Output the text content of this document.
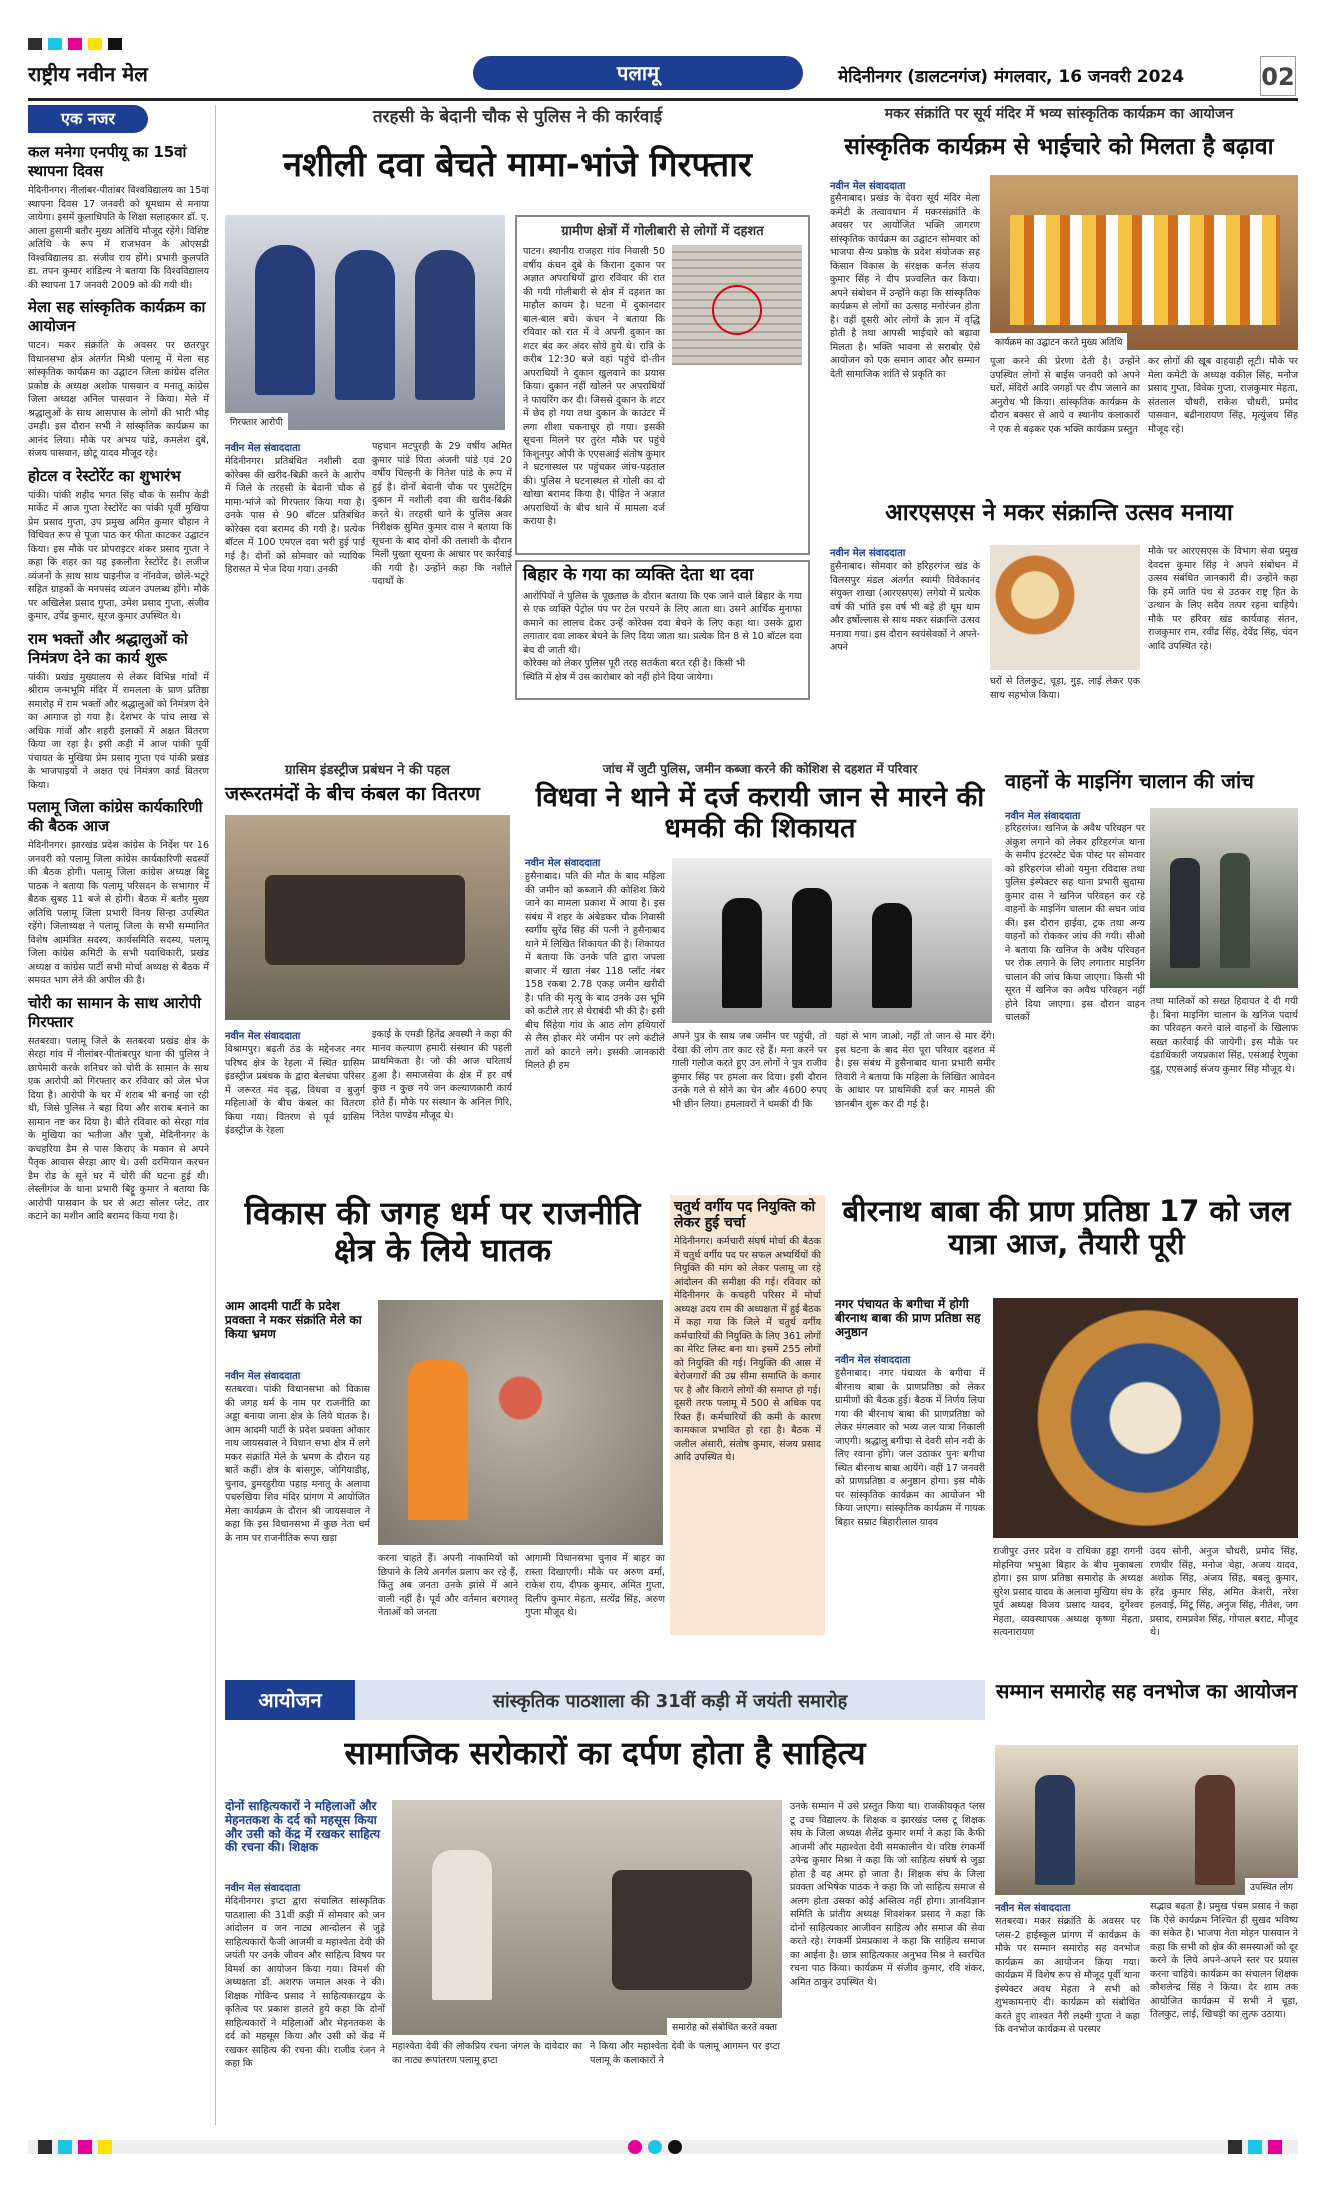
राष्ट्रीय नवीन मेल	पलामू	मेदिनीनगर (डालटनगंज) मंगलवार, 16 जनवरी 2024	02
एक नजर
कल मनेगा एनपीयू का 15वां स्थापना दिवस
मेदिनीनगर। नीलांबर-पीतांबर विश्वविद्यालय का 15वां स्थापना दिवस 17 जनवरी को धूमधाम से मनाया जायेगा। इसमें कुलाधिपति के शिक्षा सलाहकार डॉ. ए. आला हुसामी बतौर मुख्य अतिथि मौजूद रहेंगे। विशिष्ट अतिथि के रूप में राजभवन के ओएसडी विश्वविद्यालय डा. संजीव राय होंगे। प्रभारी कुलपति डा. तपन कुमार शांडिल्य ने बताया कि विश्वविद्यालय की स्थापना 17 जनवरी 2009 को की गयी थी।
मेला सह सांस्कृतिक कार्यक्रम का आयोजन
पाटन। मकर संक्रांति के अवसर पर छतरपुर विधानसभा क्षेत्र अंतर्गत मिश्री पलामू में मेला सह सांस्कृतिक कार्यक्रम का उद्घाटन जिला कांग्रेस दलित प्रकोष्ठ के अध्यक्ष अशोक पासवान व मनातू कांग्रेस जिला अध्यक्ष अनिल पासवान ने किया। मेले में श्रद्धालुओं के साथ आसपास के लोगों की भारी भीड़ उमड़ी। इस दौरान सभी ने सांस्कृतिक कार्यक्रम का आनंद लिया। मौके पर अभय पांडे, कमलेश दुबे, संजय पासवान, छोटू यादव मौजूद रहे।
होटल व रेस्टोरेंट का शुभारंभ
पांकी। पांकी शहीद भगत सिंह चौक के समीप केडी मार्केट में आज गुप्ता रेस्टोरेंट का पांकी पूर्वी मुखिया प्रेम प्रसाद गुप्ता, उप प्रमुख अमित कुमार चौहान ने विधिवत रूप से पूजा पाठ कर फीता काटकर उद्घाटन किया। इस मौके पर प्रोपराइटर शंकर प्रसाद गुप्ता ने कहा कि शहर का यह इकलौता रेस्टोरेंट है। लजीज व्यंजनों के साथ साथ चाइनीज व नॉनवेज, छोले-भटूरे सहित ग्राहकों के मनपसंद व्यंजन उपलब्ध होंगे। मौके पर अखिलेश प्रसाद गुप्ता, उमेश प्रसाद गुप्ता, संजीव कुमार, उपेंद्र कुमार, सूरज कुमार उपस्थित थे।
राम भक्तों और श्रद्धालुओं को निमंत्रण देने का कार्य शुरू
पांकी। प्रखंड मुख्यालय से लेकर विभिन्न गांवों में श्रीराम जन्मभूमि मंदिर में रामलला के प्राण प्रतिष्ठा समारोह में राम भक्तों और श्रद्धालुओं को निमंत्रण देने का आगाज हो गया है। देशभर के पांच लाख से अधिक गांवों और शहरी इलाकों में अक्षत वितरण किया जा रहा है। इसी कड़ी में आज पांकी पूर्वी पंचायत के मुखिया प्रेम प्रसाद गुप्ता एवं पांकी प्रखंड के भाजपाइयों ने अक्षत एवं निमंत्रण कार्ड वितरण किया।
पलामू जिला कांग्रेस कार्यकारिणी की बैठक आज
मेदिनीनगर। झारखंड प्रदेश कांग्रेस के निर्देश पर 16 जनवरी को पलामू जिला कांग्रेस कार्यकारिणी सदस्यों की बैठक होगी। पलामू जिला कांग्रेस अध्यक्ष बिट्टू पाठक ने बताया कि पलामू परिसदन के सभागार में बैठक सुबह 11 बजे से होगी। बैठक में बतौर मुख्य अतिथि पलामू जिला प्रभारी विनय सिन्हा उपस्थित रहेंगे। जिलाध्यक्ष ने पलामू जिला के सभी सम्मानित विशेष आमंत्रित सदस्य, कार्यसमिति सदस्य, पलामू जिला कांग्रेस कमिटी के सभी पदाधिकारी, प्रखंड अध्यक्ष व कांग्रेस पार्टी सभी मोर्चा अध्यक्ष से बैठक में समयत भाग लेने की अपील की है।
चोरी का सामान के साथ आरोपी गिरफ्तार
सतबरवा। पलामू जिले के सतबरवा प्रखंड क्षेत्र के सेरहा गांव में नीलांबर-पीतांबरपुर थाना की पुलिस ने छापेमारी करके शनिचर को चोरी के सामान के साथ एक आरोपी को गिरफ्तार कर रविवार को जेल भेज दिया है। आरोपी के घर में शराब भी बनाई जा रही थी, जिसे पुलिस ने बहा दिया और शराब बनाने का सामान नष्ट कर दिया है। बीते रविवार को सेरहा गांव के मुखिया का भतीजा और पुत्रो, मेदिनीनगर के कचहरिया डैम से पास किराए के मकान से अपने पैतृक आवास सेरहा आए थे। उसी दरमियान करचन डैम रोड के सूने घर में चोरी की घटना हुई थी। लेस्लीगंज के थाना प्रभारी बिट्टू कुमार ने बताया कि आरोपी पासवान के घर से अटा सोलर प्लेट, तार कटाने का मशीन आदि बरामद किया गया है।
तरहसी के बेदानी चौक से पुलिस ने की कार्रवाई
नशीली दवा बेचते मामा-भांजे गिरफ्तार
गिरफ्तार आरोपी
नवीन मेल संवाददाता
मेदिनीनगर। प्रतिबंधित नशीली दवा कोरेक्स की खरीद-बिक्री करने के आरोप में जिले के तरहसी के बेदानी चौक से मामा-भांजे को गिरफ्तार किया गया है। उनके पास से 90 बॉटल प्रतिबंधित कोरेक्स दवा बरामद की गयी है। प्रत्येक बॉटल में 100 एमएल दवा भरी हुई पाई गई है। दोनों को सोमवार को न्यायिक हिरासत में भेज दिया गया। उनकी
पहचान मटपुरही के 29 वर्षीय अमित कुमार पांडे पिता अंजनी पांडे एवं 20 वर्षीय चिल्हनी के नितेश पांडे के रूप में हुई है। दोनों बेदानी चौक पर पुसटेट्रिम दुकान में नशीली दवा की खरीद-बिक्री करते थे। तरहसी थाने के पुलिस अवर निरीक्षक सुमित कुमार दास ने बताया कि सूचना के बाद दोनों की तलाशी के दौरान मिली पुख्ता सूचना के आधार पर कार्रवाई की गयी है। उन्होंने कहा कि नशीले पदार्थों के
ग्रामीण क्षेत्रों में गोलीबारी से लोगों में दहशत
पाटन। स्थानीय राजहरा गांव निवासी 50 वर्षीय कंचन दुबे के किराना दुकान पर अज्ञात अपराधियों द्वारा रविवार की रात की गयी गोलीबारी से क्षेत्र में दहशत का माहौल कायम है। घटना में दुकानदार बाल-बाल बचे। कंचन ने बताया कि रविवार को रात में वे अपनी दुकान का शटर बंद कर अंदर सोये हुये थे। रात्रि के करीब 12:30 बजे वहां पहुंचे दो-तीन अपराधियों ने दुकान खुलवाने का प्रयास किया। दुकान नहीं खोलने पर अपराधियों ने फायरिंग कर दी। जिससे दुकान के शटर में छेद हो गया तथा दुकान के काउंटर में लगा शीशा चकनाचूर हो गया। इसकी सूचना मिलने पर तुरंत मौके पर पहुंचे किशुनपुर ओपी के एएसआई संतोष कुमार ने घटनास्थल पर पहुंचकर जांच-पड़ताल की। पुलिस ने घटनास्थल से गोली का दो खोखा बरामद किया है। पीड़ित ने अज्ञात अपराधियों के बीच थाने में मामला दर्ज कराया है।
बिहार के गया का व्यक्ति देता था दवा
आरोपियों ने पुलिस के पूछताछ के दौरान बताया कि एक जाने वाले बिहार के गया से एक व्यक्ति पेट्रोल पंप पर टेल परचने के लिए आता था। उसने आर्थिक मुनाफा कमाने का लालच देकर उन्हें कोरेक्स दवा बेचने के लिए कहा था। उसके द्वारा लगातार दवा लाकर बेचने के लिए दिया जाता था। प्रत्येक दिन 8 से 10 बॉटल दवा बेच दी जाती थी।
कोरेक्स को लेकर पुलिस पूरी तरह सतर्कता बरत रही है। किसी भी
स्थिति में क्षेत्र में उस कारोबार को नहीं होने दिया जायेगा।
मकर संक्रांति पर सूर्य मंदिर में भव्य सांस्कृतिक कार्यक्रम का आयोजन
सांस्कृतिक कार्यक्रम से भाईचारे को मिलता है बढ़ावा
नवीन मेल संवाददाता
हुसैनाबाद। प्रखंड के देवरा सूर्य मंदिर मेला कमेटी के तत्वावधान में मकरसंक्रांति के अवसर पर आयोजित भक्ति जागरण सांस्कृतिक कार्यक्रम का उद्घाटन सोमवार को भाजपा सैन्य प्रकोष्ठ के प्रदेश संयोजक सह किसान विकास के संरक्षक कर्नल संजय कुमार सिंह ने दीप प्रज्वलित कर किया। अपने संबोधन में उन्होंने कहा कि सांस्कृतिक कार्यक्रम से लोगों का उत्साह मनोरंजन होता है। वहीं दूसरी ओर लोगों के ज्ञान में वृद्धि होती है तथा आपसी भाईचारे को बढ़ावा मिलता है। भक्ति भावना से सराबोर ऐसे आयोजन को एक समान आदर और सम्मान देती सामाजिक शांति से प्रकृति का
कार्यक्रम का उद्घाटन करते मुख्य अतिथि
पूजा करने की प्रेरणा देती है। उन्होंने उपस्थित लोगों से बाईस जनवरी को अपने घरों, मंदिरों आदि जगहों पर दीप जलाने का अनुरोध भी किया। सांस्कृतिक कार्यक्रम के दौरान बक्सर से आये व स्थानीय कलाकारों ने एक से बढ़कर एक भक्ति कार्यक्रम प्रस्तुत
कर लोगों की खूब वाहवाही लूटी। मौके पर मेला कमेटी के अध्यक्ष वकील सिंह, मनोज प्रसाद गुप्ता, विवेक गुप्ता, राजकुमार मेहता, संतलाल चौधरी, राकेश चौधरी, प्रमोद पासवान, बद्रीनारायण सिंह, मृत्युंजय सिंह मौजूद रहे।
आरएसएस ने मकर संक्रान्ति उत्सव मनाया
नवीन मेल संवाददाता
हुसैनाबाद। सोमवार को हरिहरगंज खंड के विलसपुर मंडल अंतर्गत स्वामी विवेकानंद संयुक्त शाखा (आरएसएस) लगेयो में प्रत्येक वर्ष की भांति इस वर्ष भी बड़े ही धूम धाम और हर्षोल्लास से साथ मकर संक्रान्ति उत्सव मनाया गया। इस दौरान स्वयंसेवकों ने अपने-अपने
घरों से तिलकुट, चूड़ा, गुड़, लाई लेकर एक साथ सहभोज किया।
मौके पर आरएसएस के विभाग सेवा प्रमुख देवदत्त कुमार सिंह ने अपने संबोधन में उत्सव संबंधित जानकारी दी। उन्होंने कहा कि हमें जाति पंथ से उठकर राष्ट्र हित के उत्थान के लिए सदैव तत्पर रहना चाहिये। मौके पर हरिवर खंड कार्यवाह संतन, राजकुमार राम, रवींद्र सिंह, देवेंद्र सिंह, चंदन आदि उपस्थित रहे।
ग्रासिम इंडस्ट्रीज प्रबंधन ने की पहल
जरूरतमंदों के बीच कंबल का वितरण
नवीन मेल संवाददाता
विश्रामपुर। बढ़ती ठंड के मद्देनजर नगर परिषद क्षेत्र के रेहला में स्थित ग्रासिम इंडस्ट्रीज प्रबंधक के द्वारा बेलचंपा परिसर में जरूरत मंद वृद्ध, विधवा व बुजुर्ग महिलाओं के बीच कंबल का वितरण किया गया। वितरण से पूर्व ग्रासिम इंडस्ट्रीज के रेहला
इकाई के एमडी हितेंद्र अवस्थी ने कहा की मानव कल्याण हमारी संस्थान की पहली प्राथमिकता है। जो की आज चरितार्थ हुआ है। समाजसेवा के क्षेत्र में हर वर्ष कुछ न कुछ नये जन कल्याणकारी कार्य होते हैं। मौके पर संस्थान के अनिल गिरि, नितेश पाण्डेय मौजूद थे।
जांच में जुटी पुलिस, जमीन कब्जा करने की कोशिश से दहशत में परिवार
विधवा ने थाने में दर्ज करायी जान से मारने की धमकी की शिकायत
नवीन मेल संवाददाता
हुसैनाबाद। पति की मौत के बाद महिला की जमीन को कब्जाने की कोशिश किये जाने का मामला प्रकाश में आया है। इस संबंध में शहर के अंबेडकर चौक निवासी स्वर्गीय सुरेंद्र सिंह की पत्नी ने हुसैनाबाद थाने में लिखित शिकायत की है। शिकायत में बताया कि उनके पति द्वारा जपला बाजार में खाता नंबर 118 प्लॉट नंबर 158 रकबा 2.78 एकड़ जमीन खरीदी है। पति की मृत्यु के बाद उनके उस भूमि को कटीले तार से घेराबंदी भी की है। इसी बीच सिंहेया गांव के आठ लोग हथियारों से लैस होकर मेरे जमीन पर लगे कंटीले तारों को काटने लगे। इसकी जानकारी मिलते ही हम
अपने पुत्र के साथ जब जमीन पर पहुंची, तो देखा की लोग तार काट रहे हैं। मना करने पर गाली गलौज करते हुए उन लोगों ने पुत्र राजीव कुमार सिंह पर हमला कर दिया। इसी दौरान उनके गले से सोने का चेन और 4600 रुपए भी छीन लिया। हमलावरों ने धमकी दी कि
यहां से भाग जाओ, नहीं तो जान से मार देंगे। इस घटना के बाद मेरा पूरा परिवार दहशत में है। इस संबंध में हुसैनाबाद थाना प्रभारी समीर तिवारी ने बताया कि महिला के लिखित आवेदन के आधार पर प्राथमिकी दर्ज कर मामले की छानबीन शुरू कर दी गई है।
वाहनों के माइनिंग चालान की जांच
नवीन मेल संवाददाता
हरिहरगंज। खनिज के अवैध परिवहन पर अंकुश लगाने को लेकर हरिहरगंज थाना के समीप इंटरस्टेट चेक पोस्ट पर सोमवार को हरिहरगंज सीओ यमुना रविदास तथा पुलिस इंस्पेक्टर सह थाना प्रभारी सुदामा कुमार दास ने खनिज परिवहन कर रहे वाहनों के माइनिंग चालान की सघन जांच की। इस दौरान हाईवा, ट्रक तथा अन्य वाहनों को रोककर जांच की गयी। सीओ ने बताया कि खनिज के अवैध परिवहन पर रोक लगाने के लिए लगातार माइनिंग चालान की जांच किया जाएगा। किसी भी सूरत में खनिज का अवैध परिवहन नहीं होने दिया जाएगा। इस दौरान वाहन चालकों
तथा मालिकों को सख्त हिदायत दे दी गयी है। बिना माइनिंग चालान के खनिज पदार्थ का परिवहन करने वाले वाहनों के खिलाफ सख्त कार्रवाई की जायेगी। इस मौके पर दंडाधिकारी जयप्रकाश सिंह, एसआई रेणुका दुडू, एएसआई संजय कुमार सिंह मौजूद थे।
विकास की जगह धर्म पर राजनीति क्षेत्र के लिये घातक
आम आदमी पार्टी के प्रदेश प्रवक्ता ने मकर संक्रांति मेले का किया भ्रमण
नवीन मेल संवाददाता
सतबरवा। पांकी विधानसभा को विकास की जगह धर्म के नाम पर राजनीति का अड्डा बनाया जाना क्षेत्र के लिये घातक है। आम आदमी पार्टी के प्रदेश प्रवक्ता ओंकार नाथ जायसवाल ने विधान सभा क्षेत्र में लगे मकर संक्रांति मेले के भ्रमण के दौरान यह बातें कहीं। क्षेत्र के बांसगुरु, जोगियाडीह, चुनाव, डुमरहुरीया पहाड़ मनातू के अलावा पचरुखिया शिव मंदिर प्रांगण में आयोजित मेला कार्यक्रम के दौरान श्री जायसवाल ने कहा कि इस विधानसभा में कुछ नेता धर्म के नाम पर राजनीतिक रूपा खड़ा
करना चाहते हैं। अपनी नाकामियों को छिपाने के लिये अनर्गल प्रलाप कर रहे हैं, किंतु अब जनता उनके झांसे में आने वाली नहीं है। पूर्व और वर्तमान बरगाश्तृ नेताओं को जनता
आगामी विधानसभा चुनाव में बाहर का रास्ता दिखाएगी। मौके पर अरुण वर्मा, राकेश राय, दीपक कुमार, अमित गुप्ता, दिलीप कुमार मेहता, सत्येंद्र सिंह, अरुण गुप्ता मौजूद थे।
चतुर्थ वर्गीय पद नियुक्ति को लेकर हुई चर्चा
मेदिनीनगर। कर्मचारी संघर्ष मोर्चा की बैठक में चतुर्थ वर्गीय पद पर सफल अभ्यर्थियों की नियुक्ति की मांग को लेकर पलामू जा रहे आंदोलन की समीक्षा की गई। रविवार को मेदिनीनगर के कचहरी परिसर में मोर्चा अध्यक्ष उदय राम की अध्यक्षता में हुई बैठक में कहा गया कि जिले में चतुर्थ वर्गीय कर्मचारियों की नियुक्ति के लिए 361 लोगों का मेरिट लिस्ट बना था। इसमें 255 लोगों को नियुक्ति की गई। नियुक्ति की आस में बेरोजगारों की उम्र सीमा समाप्ति के कगार पर है और किराने लोगों की समाप्त हो गई। दूसरी तरफ पलामू में 500 से अधिक पद रिक्त हैं। कर्मचारियों की कमी के कारण कामकाज प्रभावित हो रहा है। बैठक में जलील अंसारी, संतोष कुमार, संजय प्रसाद आदि उपस्थित थे।
बीरनाथ बाबा की प्राण प्रतिष्ठा 17 को जल यात्रा आज, तैयारी पूरी
नगर पंचायत के बगीचा में होगी बीरनाथ बाबा की प्राण प्रतिष्ठा सह अनुष्ठान
नवीन मेल संवाददाता
हुसैनाबाद। नगर पंचायत के बगीचा में बीरनाथ बाबा के प्राणप्रतिष्ठा को लेकर ग्रामीणों की बैठक हुई। बैठक में निर्णय लिया गया की बीरनाथ बाबा की प्राणप्रतिष्ठा को लेकर मंगलवार को भव्य जल यात्रा निकाली जाएगी। श्रद्धालु बगीचा से देवरी सोन नदी के लिए रवाना होंगे। जल उठाकर पुनः बगीचा स्थित बीरनाथ बाबा आयेंगे। वहीं 17 जनवरी को प्राणप्रतिष्ठा व अनुष्ठान होगा। इस मौके पर सांस्कृतिक कार्यक्रम का आयोजन भी किया जाएगा। सांस्कृतिक कार्यक्रम में गायक बिहार सम्राट बिहारीलाल यादव
राजीपुर उत्तर प्रदेश व राधिका हड्डा रागनी मोहनिया भभुआ बिहार के बीच मुकाबला होगा। इस प्राण प्रतिष्ठा समारोह के अध्यक्ष सुरेश प्रसाद यादव के अलावा मुखिया संघ के पूर्व अध्यक्ष विजय प्रसाद यादव, दुर्गेश्वर मेहता, व्यवस्थापक अध्यक्ष कृष्णा मेहता, सत्यनारायण
उदय सोनी, अनुज चौधरी, प्रमोद सिंह, रणधीर सिंह, मनोज चेहा, अजय यादव, अशोक सिंह, अंजय सिंह, बबलू कुमार, हरेंद्र कुमार सिंह, अमित केशरी, नरेश हलवाई, मिंटू सिंह, अनुज सिंह, नीतेश, जग प्रसाद, रामप्रवेश सिंह, गोपाल बराट, मौजूद थे।
आयोजन	सांस्कृतिक पाठशाला की 31वीं कड़ी में जयंती समारोह
सामाजिक सरोकारों का दर्पण होता है साहित्य
दोनों साहित्यकारों ने महिलाओं और मेहनतकश के दर्द को महसूस किया और उसी को केंद्र में रखकर साहित्य की रचना की। शिक्षक
नवीन मेल संवाददाता
मेदिनीनगर। इप्टा द्वारा संचालित सांस्कृतिक पाठशाला की 31वीं कड़ी में सोमवार को जन आंदोलन व जन नाट्य आन्दोलन से जुड़े साहित्यकारों फैजी आजमी व महाश्वेता देवी की जयंती पर उनके जीवन और साहित्य विषय पर विमर्श का आयोजन किया गया। विमर्श की अध्यक्षता डॉ. अशरफ जमाल अश्क ने की। शिक्षक गोविन्द प्रसाद ने साहित्यकारद्वय के कृतित्व पर प्रकाश डालते हुये कहा कि दोनों साहित्यकारों ने महिलाओं और मेहनतकश के दर्द को महसूस किया और उसी को केंद्र में रखकर साहित्य की रचना की। राजीव रंजन ने कहा कि
समारोह को संबोधित करते वक्ता
महाश्वेता देवी की लोकप्रिय रचना जंगल के दावेदार का का नाट्य रूपांतरण पलामू इप्टा
ने किया और महाश्वेता देवी के पलामू आगमन पर इप्टा पलामू के कलाकारों ने
उनके सम्मान में उसे प्रस्तुत किया था। राजकीयकृत प्लस टू उच्च विद्यालय के शिक्षक व झारखंड प्लस टू शिक्षक संघ के जिला अध्यक्ष शैलेंद्र कुमार शर्मा ने कहा कि कैफी आजमी और महाश्वेता देवी समकालीन थे। वरिष्ठ रंगकर्मी उपेन्द्र कुमार मिश्रा ने कहा कि जो साहित्य संघर्ष से जुड़ा होता है वह अमर हो जाता है। शिक्षक संघ के जिला प्रवक्ता अभिषेक पाठक ने कहा कि जो साहित्य समाज से अलग होता उसका कोई अस्तित्व नहीं होगा। ज्ञानविज्ञान समिति के प्रांतीय अध्यक्ष शिवशंकर प्रसाद ने कहा कि दोनों साहित्यकार आजीवन साहित्य और समाज की सेवा करते रहे। रंगकर्मी प्रेमप्रकाश ने कहा कि साहित्य समाज का आईना है। छात्र साहित्यकार अनुभव मिश्र ने स्वरचित रचना पाठ किया। कार्यक्रम में संजीव कुमार, रवि शंकर, अमित ठाकुर उपस्थित थे।
सम्मान समारोह सह वनभोज का आयोजन
उपस्थित लोग
नवीन मेल संवाददाता
सतबरवा। मकर संक्रांति के अवसर पर प्लस-2 हाईस्कूल प्रांगण में कार्यक्रम के मौके पर सम्मान समारोह सह वनभोज कार्यक्रम का आयोजन किया गया। कार्यक्रम में विशेष रूप से मौजूद पूर्वी थाना इंस्पेक्टर अवध मेहता ने सभी को शुभकामनाएं दी। कार्यक्रम को संबोधित करते हुए शाश्वत नैरी लक्ष्मी गुप्ता ने कहा कि वनभोज कार्यक्रम से परस्पर
सद्भाव बढ़ता है। प्रमुख पंचम प्रसाद ने कहा कि ऐसे कार्यक्रम निश्चित ही सुखद भविष्य का संकेत है। भाजपा नेता मोहन पासवान ने कहा कि सभी को क्षेत्र की समस्याओं को दूर करने के लिये अपने-अपने स्तर पर प्रयास करना चाहिये। कार्यक्रम का संचालन शिक्षक कौशलेन्द्र सिंह ने किया। देर शाम तक आयोजित कार्यक्रम में सभी ने चूड़ा, तिलकुट, लाई, खिचड़ी का लुत्फ उठाया।
